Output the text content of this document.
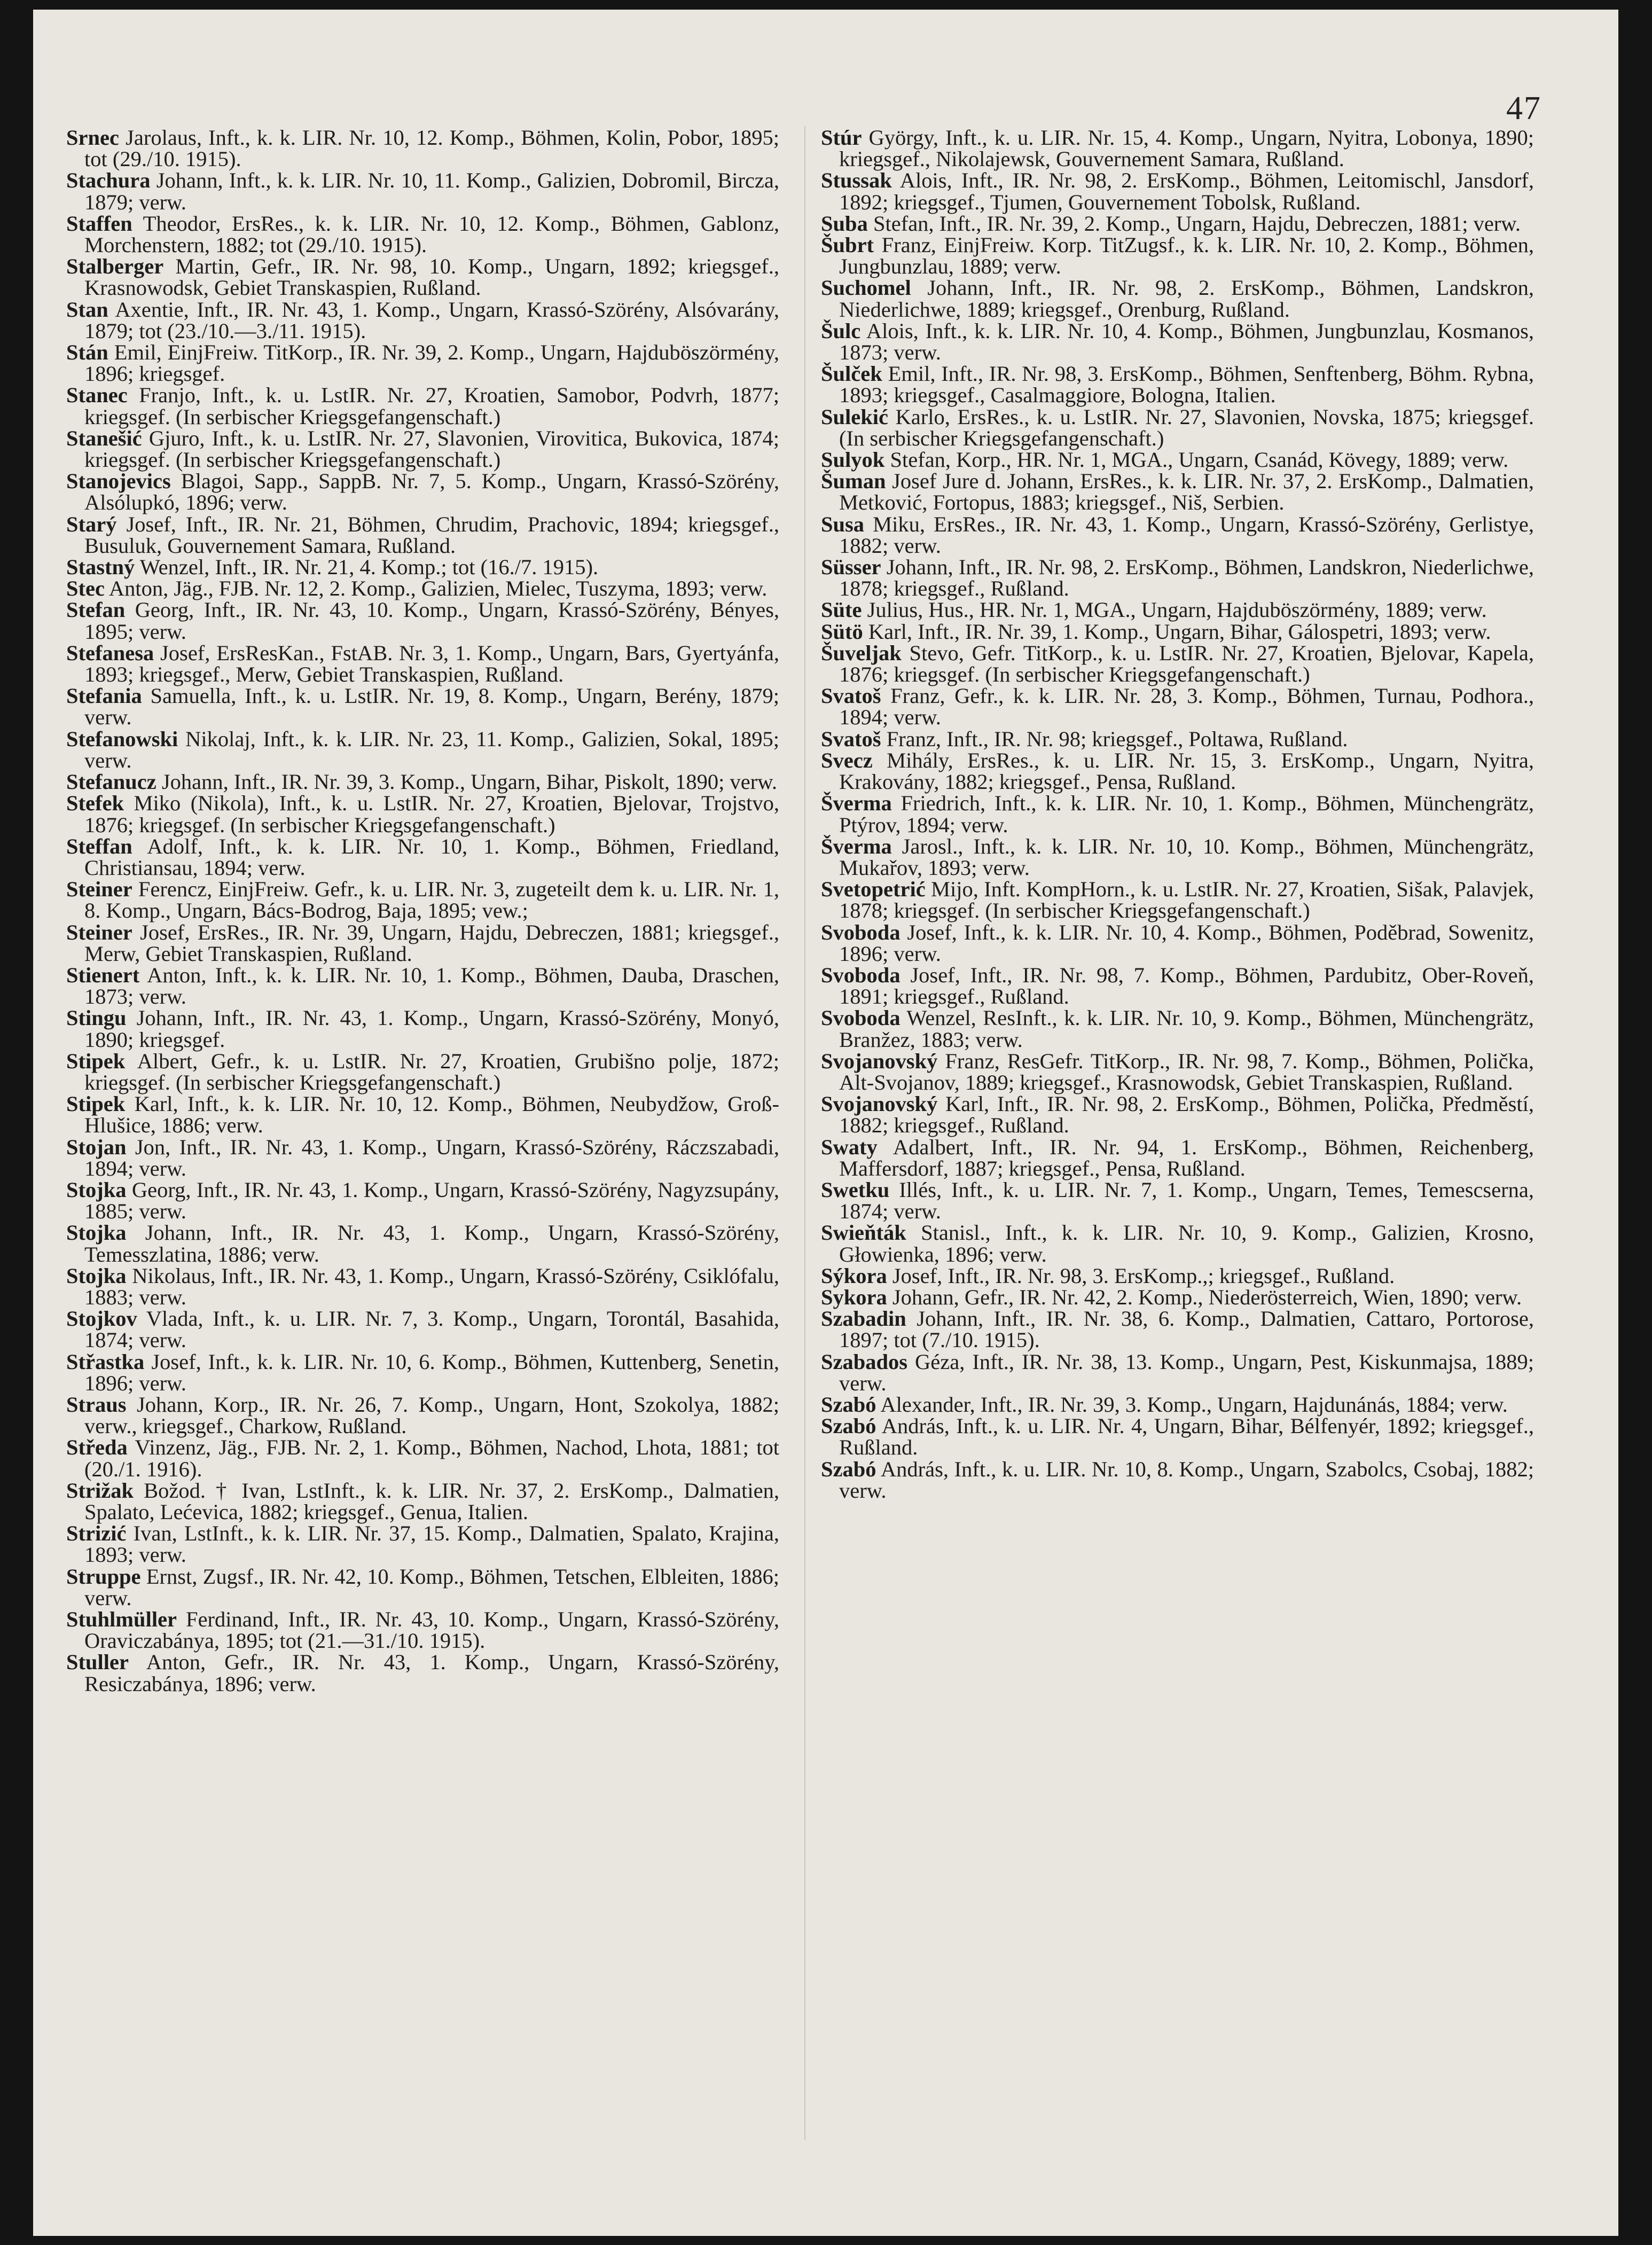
47

Srnec Jarolaus, Inft., k. k. LIR. Nr. 10, 12. Komp., Böhmen, Kolin, Pobor, 1895; tot (29./10. 1915).

Stachura Johann, Inft., k. k. LIR. Nr. 10, 11. Komp., Galizien, Dobromil, Bircza, 1879; verw.

Staffen Theodor, ErsRes., k. k. LIR. Nr. 10, 12. Komp., Böhmen, Gablonz, Morchenstern, 1882; tot (29./10. 1915).

Stalberger Martin, Gefr., IR. Nr. 98, 10. Komp., Ungarn, 1892; kriegsgef., Krasnowodsk, Gebiet Transkaspien, Rußland.

Stan Axentie, Inft., IR. Nr. 43, 1. Komp., Ungarn, Krassó-Szörény, Alsóvarány, 1879; tot (23./10.—3./11. 1915).

Stán Emil, EinjFreiw. TitKorp., IR. Nr. 39, 2. Komp., Ungarn, Hajduböszörmény, 1896; kriegsgef.

Stanec Franjo, Inft., k. u. LstIR. Nr. 27, Kroatien, Samobor, Podvrh, 1877; kriegsgef. (In serbischer Kriegsgefangenschaft.)

Stanešić Gjuro, Inft., k. u. LstIR. Nr. 27, Slavonien, Virovitica, Bukovica, 1874; kriegsgef. (In serbischer Kriegsgefangenschaft.)

Stanojevics Blagoi, Sapp., SappB. Nr. 7, 5. Komp., Ungarn, Krassó-Szörény, Alsólupkó, 1896; verw.

Starý Josef, Inft., IR. Nr. 21, Böhmen, Chrudim, Prachovic, 1894; kriegsgef., Busuluk, Gouvernement Samara, Rußland.

Stastný Wenzel, Inft., IR. Nr. 21, 4. Komp.; tot (16./7. 1915).

Stec Anton, Jäg., FJB. Nr. 12, 2. Komp., Galizien, Mielec, Tuszyma, 1893; verw.

Stefan Georg, Inft., IR. Nr. 43, 10. Komp., Ungarn, Krassó-Szörény, Bényes, 1895; verw.

Stefanesa Josef, ErsResKan., FstAB. Nr. 3, 1. Komp., Ungarn, Bars, Gyertyánfa, 1893; kriegsgef., Merw, Gebiet Transkaspien, Rußland.

Stefania Samuella, Inft., k. u. LstIR. Nr. 19, 8. Komp., Ungarn, Berény, 1879; verw.

Stefanowski Nikolaj, Inft., k. k. LIR. Nr. 23, 11. Komp., Galizien, Sokal, 1895; verw.

Stefanucz Johann, Inft., IR. Nr. 39, 3. Komp., Ungarn, Bihar, Piskolt, 1890; verw.

Stefek Miko (Nikola), Inft., k. u. LstIR. Nr. 27, Kroatien, Bjelovar, Trojstvo, 1876; kriegsgef. (In serbischer Kriegsgefangenschaft.)

Steffan Adolf, Inft., k. k. LIR. Nr. 10, 1. Komp., Böhmen, Friedland, Christiansau, 1894; verw.

Steiner Ferencz, EinjFreiw. Gefr., k. u. LIR. Nr. 3, zugeteilt dem k. u. LIR. Nr. 1, 8. Komp., Ungarn, Bács-Bodrog, Baja, 1895; vew.;

Steiner Josef, ErsRes., IR. Nr. 39, Ungarn, Hajdu, Debreczen, 1881; kriegsgef., Merw, Gebiet Transkaspien, Rußland.

Stienert Anton, Inft., k. k. LIR. Nr. 10, 1. Komp., Böhmen, Dauba, Draschen, 1873; verw.

Stingu Johann, Inft., IR. Nr. 43, 1. Komp., Ungarn, Krassó-Szörény, Monyó, 1890; kriegsgef.

Stipek Albert, Gefr., k. u. LstIR. Nr. 27, Kroatien, Grubišno polje, 1872; kriegsgef. (In serbischer Kriegsgefangenschaft.)

Stipek Karl, Inft., k. k. LIR. Nr. 10, 12. Komp., Böhmen, Neubydžow, Groß-Hlušice, 1886; verw.

Stojan Jon, Inft., IR. Nr. 43, 1. Komp., Ungarn, Krassó-Szörény, Ráczszabadi, 1894; verw.

Stojka Georg, Inft., IR. Nr. 43, 1. Komp., Ungarn, Krassó-Szörény, Nagyzsupány, 1885; verw.

Stojka Johann, Inft., IR. Nr. 43, 1. Komp., Ungarn, Krassó-Szörény, Temesszlatina, 1886; verw.

Stojka Nikolaus, Inft., IR. Nr. 43, 1. Komp., Ungarn, Krassó-Szörény, Csiklófalu, 1883; verw.

Stojkov Vlada, Inft., k. u. LIR. Nr. 7, 3. Komp., Ungarn, Torontál, Basahida, 1874; verw.

Střastka Josef, Inft., k. k. LIR. Nr. 10, 6. Komp., Böhmen, Kuttenberg, Senetin, 1896; verw.

Straus Johann, Korp., IR. Nr. 26, 7. Komp., Ungarn, Hont, Szokolya, 1882; verw., kriegsgef., Charkow, Rußland.

Středa Vinzenz, Jäg., FJB. Nr. 2, 1. Komp., Böhmen, Nachod, Lhota, 1881; tot (20./1. 1916).

Strižak Božod. † Ivan, LstInft., k. k. LIR. Nr. 37, 2. ErsKomp., Dalmatien, Spalato, Lećevica, 1882; kriegsgef., Genua, Italien.

Strizić Ivan, LstInft., k. k. LIR. Nr. 37, 15. Komp., Dalmatien, Spalato, Krajina, 1893; verw.

Struppe Ernst, Zugsf., IR. Nr. 42, 10. Komp., Böhmen, Tetschen, Elbleiten, 1886; verw.

Stuhlmüller Ferdinand, Inft., IR. Nr. 43, 10. Komp., Ungarn, Krassó-Szörény, Oraviczabánya, 1895; tot (21.—31./10. 1915).

Stuller Anton, Gefr., IR. Nr. 43, 1. Komp., Ungarn, Krassó-Szörény, Resiczabánya, 1896; verw.

Stúr György, Inft., k. u. LIR. Nr. 15, 4. Komp., Ungarn, Nyitra, Lobonya, 1890; kriegsgef., Nikolajewsk, Gouvernement Samara, Rußland.

Stussak Alois, Inft., IR. Nr. 98, 2. ErsKomp., Böhmen, Leitomischl, Jansdorf, 1892; kriegsgef., Tjumen, Gouvernement Tobolsk, Rußland.

Suba Stefan, Inft., IR. Nr. 39, 2. Komp., Ungarn, Hajdu, Debreczen, 1881; verw.

Šubrt Franz, EinjFreiw. Korp. TitZugsf., k. k. LIR. Nr. 10, 2. Komp., Böhmen, Jungbunzlau, 1889; verw.

Suchomel Johann, Inft., IR. Nr. 98, 2. ErsKomp., Böhmen, Landskron, Niederlichwe, 1889; kriegsgef., Orenburg, Rußland.

Šulc Alois, Inft., k. k. LIR. Nr. 10, 4. Komp., Böhmen, Jungbunzlau, Kosmanos, 1873; verw.

Šulček Emil, Inft., IR. Nr. 98, 3. ErsKomp., Böhmen, Senftenberg, Böhm. Rybna, 1893; kriegsgef., Casalmaggiore, Bologna, Italien.

Sulekić Karlo, ErsRes., k. u. LstIR. Nr. 27, Slavonien, Novska, 1875; kriegsgef. (In serbischer Kriegsgefangenschaft.)

Sulyok Stefan, Korp., HR. Nr. 1, MGA., Ungarn, Csanád, Kövegy, 1889; verw.

Šuman Josef Jure d. Johann, ErsRes., k. k. LIR. Nr. 37, 2. ErsKomp., Dalmatien, Metković, Fortopus, 1883; kriegsgef., Niš, Serbien.

Susa Miku, ErsRes., IR. Nr. 43, 1. Komp., Ungarn, Krassó-Szörény, Gerlistye, 1882; verw.

Süsser Johann, Inft., IR. Nr. 98, 2. ErsKomp., Böhmen, Landskron, Niederlichwe, 1878; kriegsgef., Rußland.

Süte Julius, Hus., HR. Nr. 1, MGA., Ungarn, Hajduböszörmény, 1889; verw.

Sütö Karl, Inft., IR. Nr. 39, 1. Komp., Ungarn, Bihar, Gálospetri, 1893; verw.

Šuveljak Stevo, Gefr. TitKorp., k. u. LstIR. Nr. 27, Kroatien, Bjelovar, Kapela, 1876; kriegsgef. (In serbischer Kriegsgefangenschaft.)

Svatoš Franz, Gefr., k. k. LIR. Nr. 28, 3. Komp., Böhmen, Turnau, Podhora., 1894; verw.

Svatoš Franz, Inft., IR. Nr. 98; kriegsgef., Poltawa, Rußland.

Svecz Mihály, ErsRes., k. u. LIR. Nr. 15, 3. ErsKomp., Ungarn, Nyitra, Krakovány, 1882; kriegsgef., Pensa, Rußland.

Šverma Friedrich, Inft., k. k. LIR. Nr. 10, 1. Komp., Böhmen, Münchengrätz, Ptýrov, 1894; verw.

Šverma Jarosl., Inft., k. k. LIR. Nr. 10, 10. Komp., Böhmen, Münchengrätz, Mukařov, 1893; verw.

Svetopetrić Mijo, Inft. KompHorn., k. u. LstIR. Nr. 27, Kroatien, Sišak, Palavjek, 1878; kriegsgef. (In serbischer Kriegsgefangenschaft.)

Svoboda Josef, Inft., k. k. LIR. Nr. 10, 4. Komp., Böhmen, Poděbrad, Sowenitz, 1896; verw.

Svoboda Josef, Inft., IR. Nr. 98, 7. Komp., Böhmen, Pardubitz, Ober-Roveň, 1891; kriegsgef., Rußland.

Svoboda Wenzel, ResInft., k. k. LIR. Nr. 10, 9. Komp., Böhmen, Münchengrätz, Branžez, 1883; verw.

Svojanovský Franz, ResGefr. TitKorp., IR. Nr. 98, 7. Komp., Böhmen, Polička, Alt-Svojanov, 1889; kriegsgef., Krasnowodsk, Gebiet Transkaspien, Rußland.

Svojanovský Karl, Inft., IR. Nr. 98, 2. ErsKomp., Böhmen, Polička, Předměstí, 1882; kriegsgef., Rußland.

Swaty Adalbert, Inft., IR. Nr. 94, 1. ErsKomp., Böhmen, Reichenberg, Maffersdorf, 1887; kriegsgef., Pensa, Rußland.

Swetku Illés, Inft., k. u. LIR. Nr. 7, 1. Komp., Ungarn, Temes, Temescserna, 1874; verw.

Swieňták Stanisl., Inft., k. k. LIR. Nr. 10, 9. Komp., Galizien, Krosno, Głowienka, 1896; verw.

Sýkora Josef, Inft., IR. Nr. 98, 3. ErsKomp.,; kriegsgef., Rußland.

Sykora Johann, Gefr., IR. Nr. 42, 2. Komp., Niederösterreich, Wien, 1890; verw.

Szabadin Johann, Inft., IR. Nr. 38, 6. Komp., Dalmatien, Cattaro, Portorose, 1897; tot (7./10. 1915).

Szabados Géza, Inft., IR. Nr. 38, 13. Komp., Ungarn, Pest, Kiskunmajsa, 1889; verw.

Szabó Alexander, Inft., IR. Nr. 39, 3. Komp., Ungarn, Hajdunánás, 1884; verw.

Szabó András, Inft., k. u. LIR. Nr. 4, Ungarn, Bihar, Bélfenyér, 1892; kriegsgef., Rußland.

Szabó András, Inft., k. u. LIR. Nr. 10, 8. Komp., Ungarn, Szabolcs, Csobaj, 1882; verw.
